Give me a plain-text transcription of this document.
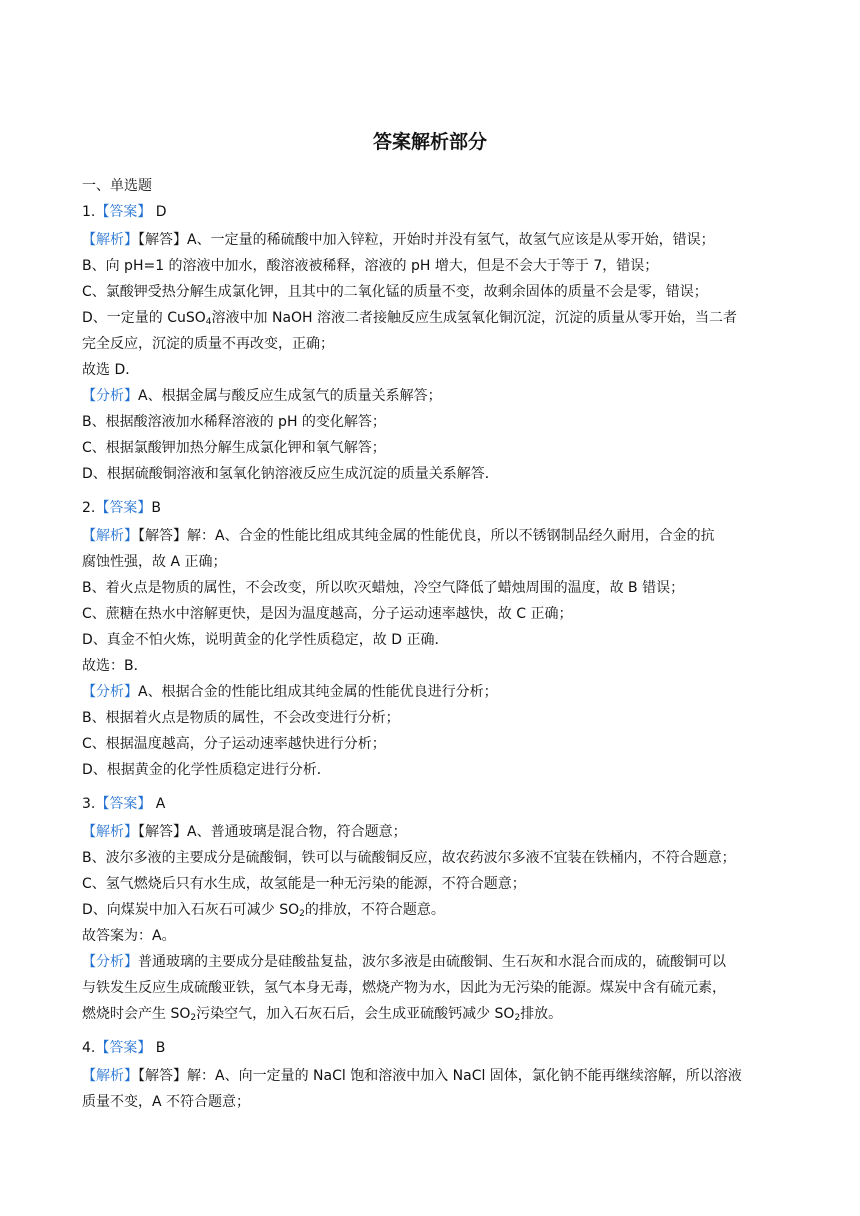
答案解析部分
一、单选题
1.【答案】 D
【解析】【解答】A、一定量的稀硫酸中加入锌粒，开始时并没有氢气，故氢气应该是从零开始，错误；
B、向 pH=1 的溶液中加水，酸溶液被稀释，溶液的 pH 增大，但是不会大于等于 7，错误；
C、氯酸钾受热分解生成氯化钾，且其中的二氧化锰的质量不变，故剩余固体的质量不会是零，错误；
D、一定量的 CuSO$_4$溶液中加 NaOH 溶液二者接触反应生成氢氧化铜沉淀，沉淀的质量从零开始，当二者
完全反应，沉淀的质量不再改变，正确；
故选 D．
【分析】A、根据金属与酸反应生成氢气的质量关系解答；
B、根据酸溶液加水稀释溶液的 pH 的变化解答；
C、根据氯酸钾加热分解生成氯化钾和氧气解答；
D、根据硫酸铜溶液和氢氧化钠溶液反应生成沉淀的质量关系解答．
2.【答案】B
【解析】【解答】解：A、合金的性能比组成其纯金属的性能优良，所以不锈钢制品经久耐用，合金的抗
腐蚀性强，故 A 正确；
B、着火点是物质的属性，不会改变，所以吹灭蜡烛，冷空气降低了蜡烛周围的温度，故 B 错误；
C、蔗糖在热水中溶解更快，是因为温度越高，分子运动速率越快，故 C 正确；
D、真金不怕火炼，说明黄金的化学性质稳定，故 D 正确．
故选：B．
【分析】A、根据合金的性能比组成其纯金属的性能优良进行分析；
B、根据着火点是物质的属性，不会改变进行分析；
C、根据温度越高，分子运动速率越快进行分析；
D、根据黄金的化学性质稳定进行分析．
3.【答案】 A
【解析】【解答】A、普通玻璃是混合物，符合题意；
B、波尔多液的主要成分是硫酸铜，铁可以与硫酸铜反应，故农药波尔多液不宜装在铁桶内，不符合题意；
C、氢气燃烧后只有水生成，故氢能是一种无污染的能源，不符合题意；
D、向煤炭中加入石灰石可减少 $SO_2$的排放，不符合题意。
故答案为：A。
【分析】普通玻璃的主要成分是硅酸盐复盐，波尔多液是由硫酸铜、生石灰和水混合而成的，硫酸铜可以
与铁发生反应生成硫酸亚铁，氢气本身无毒，燃烧产物为水，因此为无污染的能源。煤炭中含有硫元素，
燃烧时会产生 $SO_2$污染空气，加入石灰石后，会生成亚硫酸钙减少 $SO_2$排放。
4.【答案】 B
【解析】【解答】解：A、向一定量的 NaCl 饱和溶液中加入 NaCl 固体，氯化钠不能再继续溶解，所以溶液
质量不变，A 不符合题意；
